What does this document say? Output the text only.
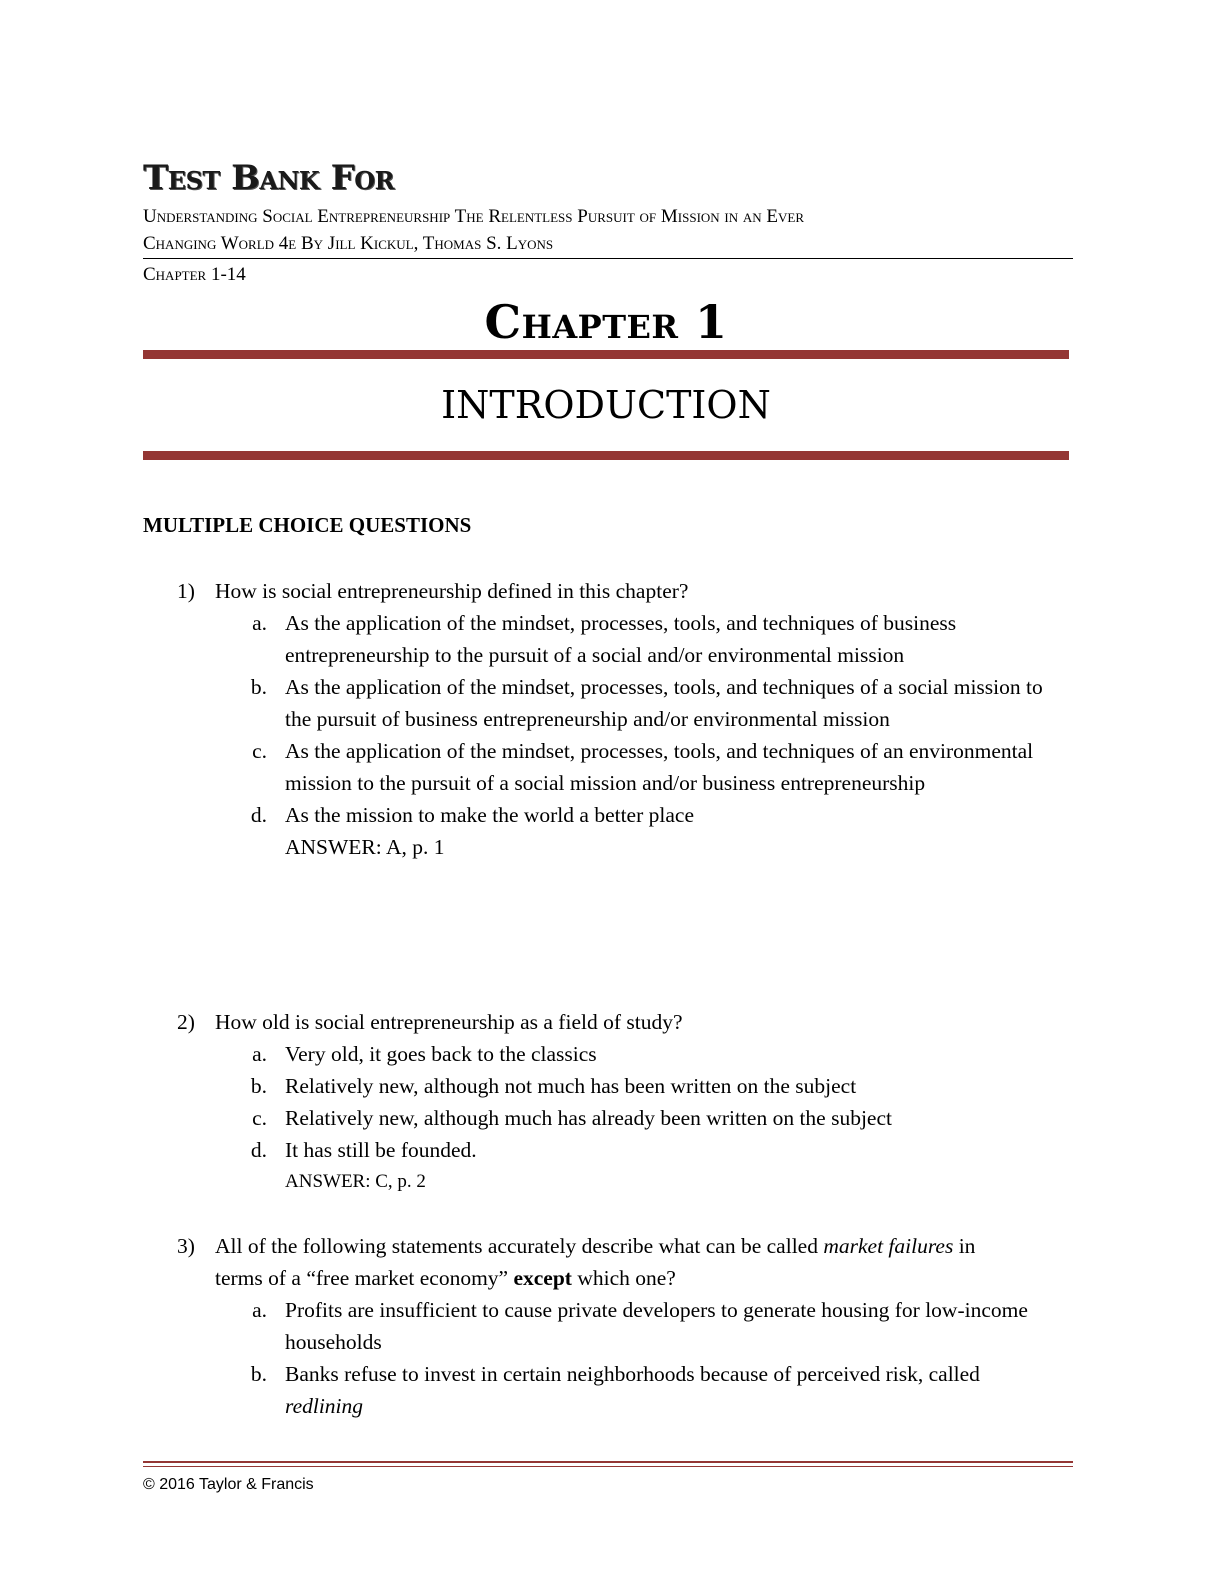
Test Bank For
Understanding Social Entrepreneurship The Relentless Pursuit of Mission in an Ever
Changing World 4e By Jill Kickul, Thomas S. Lyons
Chapter 1-14
Chapter 1
INTRODUCTION
MULTIPLE CHOICE QUESTIONS
1) How is social entrepreneurship defined in this chapter?
a. As the application of the mindset, processes, tools, and techniques of business entrepreneurship to the pursuit of a social and/or environmental mission
b. As the application of the mindset, processes, tools, and techniques of a social mission to the pursuit of business entrepreneurship and/or environmental mission
c. As the application of the mindset, processes, tools, and techniques of an environmental mission to the pursuit of a social mission and/or business entrepreneurship
d. As the mission to make the world a better place
ANSWER: A, p. 1
2) How old is social entrepreneurship as a field of study?
a. Very old, it goes back to the classics
b. Relatively new, although not much has been written on the subject
c. Relatively new, although much has already been written on the subject
d. It has still be founded.
ANSWER: C, p. 2
3) All of the following statements accurately describe what can be called market failures in terms of a “free market economy” except which one?
a. Profits are insufficient to cause private developers to generate housing for low-income households
b. Banks refuse to invest in certain neighborhoods because of perceived risk, called redlining

© 2016 Taylor & Francis
